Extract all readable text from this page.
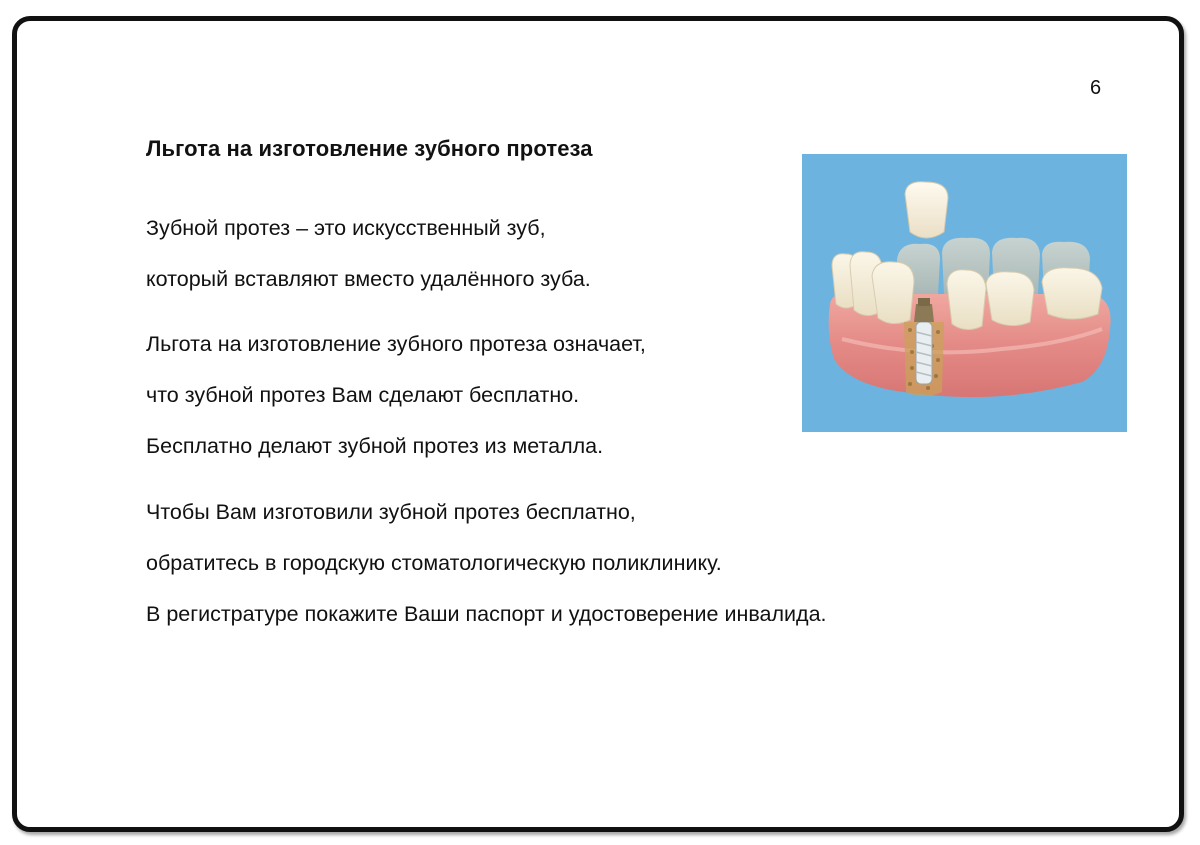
6
Льгота на изготовление зубного протеза

Зубной протез – это искусственный зуб,
который вставляют вместо удалённого зуба.

Льгота на изготовление зубного протеза означает,
что зубной протез Вам сделают бесплатно.
Бесплатно делают зубной протез из металла.

Чтобы Вам изготовили зубной протез бесплатно,
обратитесь в городскую стоматологическую поликлинику.
В регистратуре покажите Ваши паспорт и удостоверение инвалида.
